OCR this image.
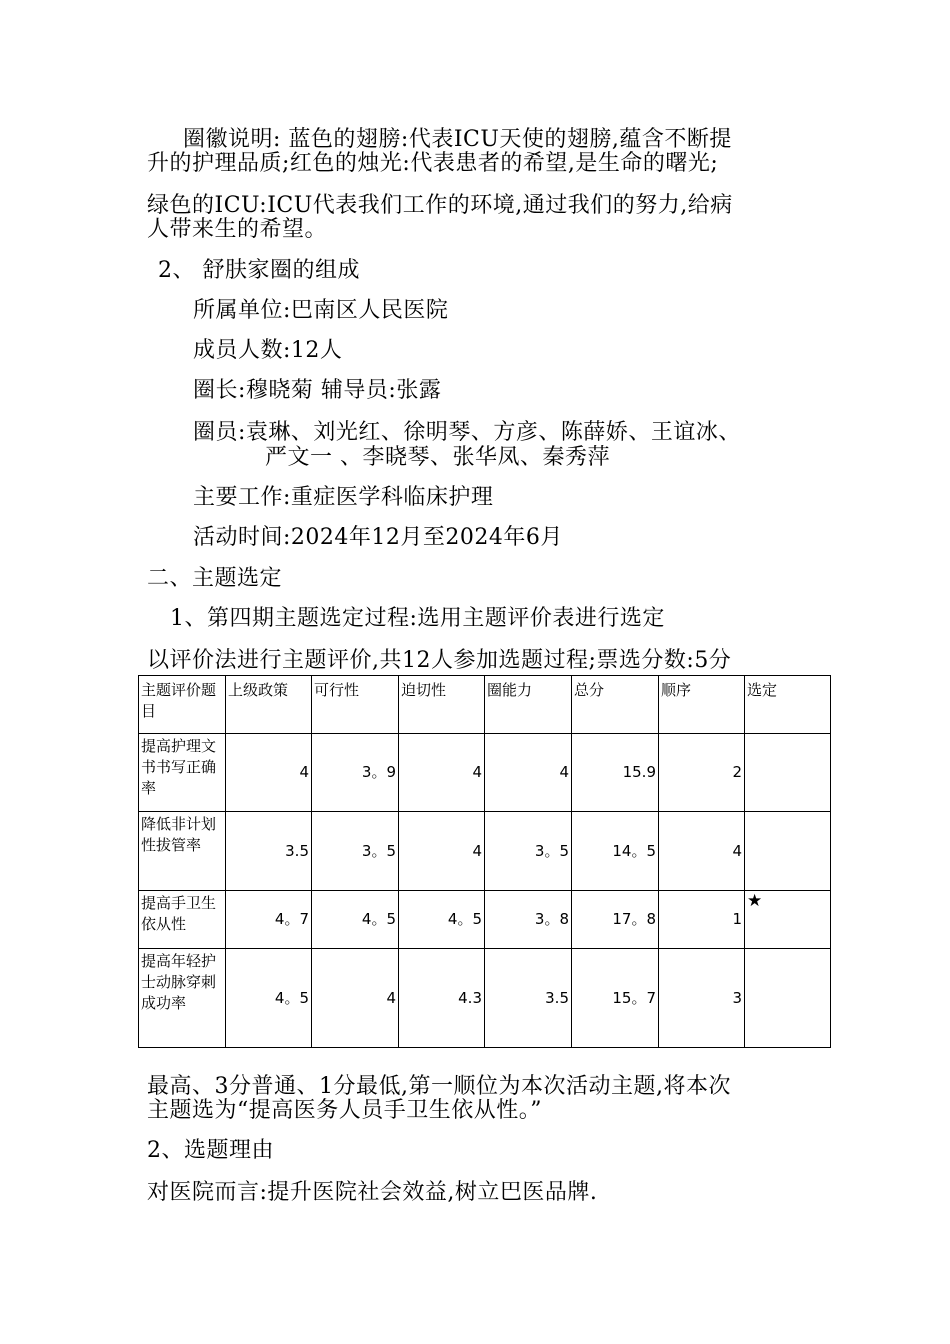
圈徽说明: 蓝色的翅膀:代表ICU天使的翅膀,蕴含不断提
升的护理品质;红色的烛光:代表患者的希望,是生命的曙光;
绿色的ICU:ICU代表我们工作的环境,通过我们的努力,给病
人带来生的希望。
2、 舒肤家圈的组成
所属单位:巴南区人民医院
成员人数:12人
圈长:穆晓菊 辅导员:张露
圈员:袁琳、刘光红、徐明琴、方彦、陈薛娇、王谊冰、
严文一 、李晓琴、张华凤、秦秀萍
主要工作:重症医学科临床护理
活动时间:2024年12月至2024年6月
二、主题选定
1、第四期主题选定过程:选用主题评价表进行选定
以评价法进行主题评价,共12人参加选题过程;票选分数:5分
主题评价题目	上级政策	可行性	迫切性	圈能力	总分	顺序	选定
提高护理文书书写正确率	4	3。9	4	4	15.9	2	
降低非计划性拔管率	3.5	3。5	4	3。5	14。5	4	
提高手卫生依从性	4。7	4。5	4。5	3。8	17。8	1	★
提高年轻护士动脉穿刺成功率	4。5	4	4.3	3.5	15。7	3	
最高、3分普通、1分最低,第一顺位为本次活动主题,将本次
主题选为“提高医务人员手卫生依从性。”
2、选题理由
对医院而言:提升医院社会效益,树立巴医品牌.
